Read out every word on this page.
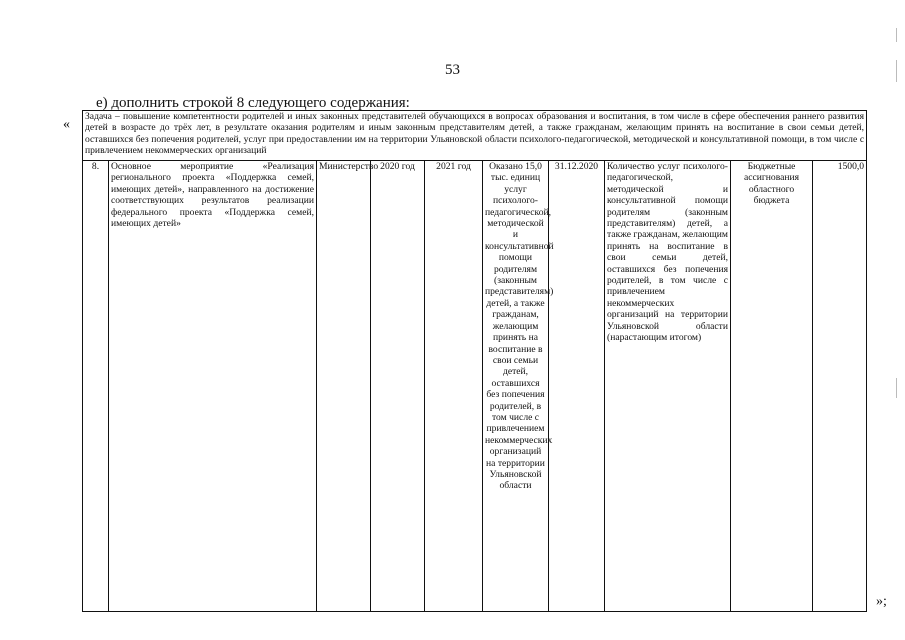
53
е) дополнить строкой 8 следующего содержания:
«
Задача – повышение компетентности родителей и иных законных представителей обучающихся в вопросах образования и воспитания, в том числе в сфере обеспечения раннего развития детей в возрасте до трёх лет, в результате оказания родителям и иным законным представителям детей, а также гражданам, желающим принять на воспитание в свои семьи детей, оставшихся без попечения родителей, услуг при предоставлении им на территории Ульяновской области психолого-педагогической, методической и консультативной помощи, в том числе с привлечением некоммерческих организаций
8.	Основное мероприятие «Реализация регионального проекта «Поддержка семей, имеющих детей», направленного на достижение соответствующих результатов реализации федерального проекта «Поддержка семей, имеющих детей»	Министерство	2020 год	2021 год	Оказано 15,0 тыс. единиц услуг психолого-педагогической, методической и консультативной помощи родителям (законным представителям) детей, а также гражданам, желающим принять на воспитание в свои семьи детей, оставшихся без попечения родителей, в том числе с привлечением некоммерческих организаций на территории Ульяновской области	31.12.2020	Количество услуг психолого-педагогической, методической и консультативной помощи родителям (законным представителям) детей, а также гражданам, желающим принять на воспитание в свои семьи детей, оставшихся без попечения родителей, в том числе с привлечением некоммерческих организаций на территории Ульяновской области (нарастающим итогом)	Бюджетные ассигнования областного бюджета	1500,0
»;
